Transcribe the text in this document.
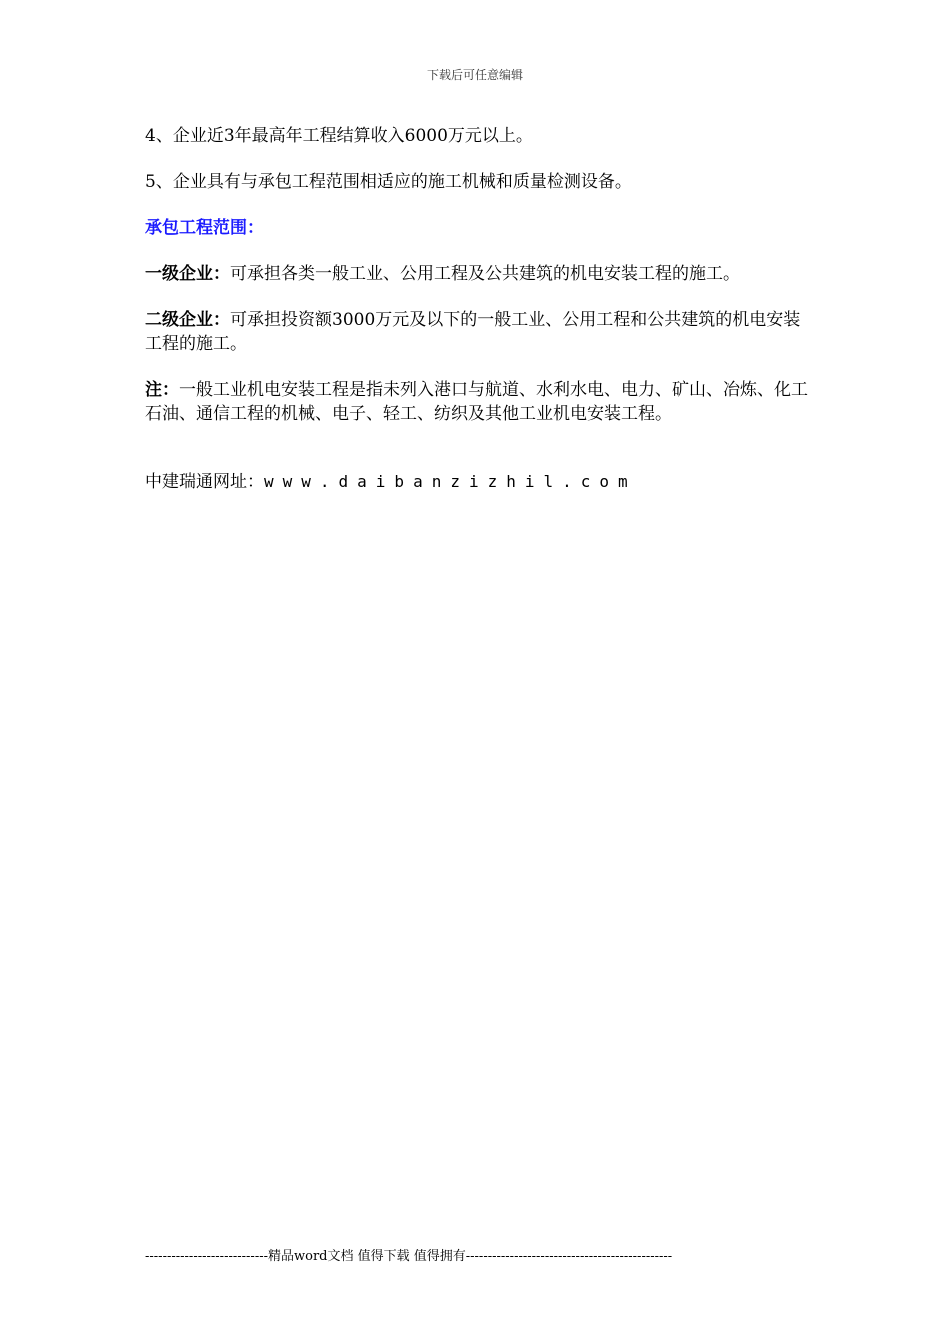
下载后可任意编辑

4、企业近3年最高年工程结算收入6000万元以上。

5、企业具有与承包工程范围相适应的施工机械和质量检测设备。

承包工程范围：

一级企业：可承担各类一般工业、公用工程及公共建筑的机电安装工程的施工。

二级企业：可承担投资额3000万元及以下的一般工业、公用工程和公共建筑的机电安装工程的施工。

注：一般工业机电安装工程是指未列入港口与航道、水利水电、电力、矿山、冶炼、化工石油、通信工程的机械、电子、轻工、纺织及其他工业机电安装工程。

中建瑞通网址：www.daibanzizhil.com

----------------------------精品word文档 值得下载 值得拥有-----------------------------------------------
